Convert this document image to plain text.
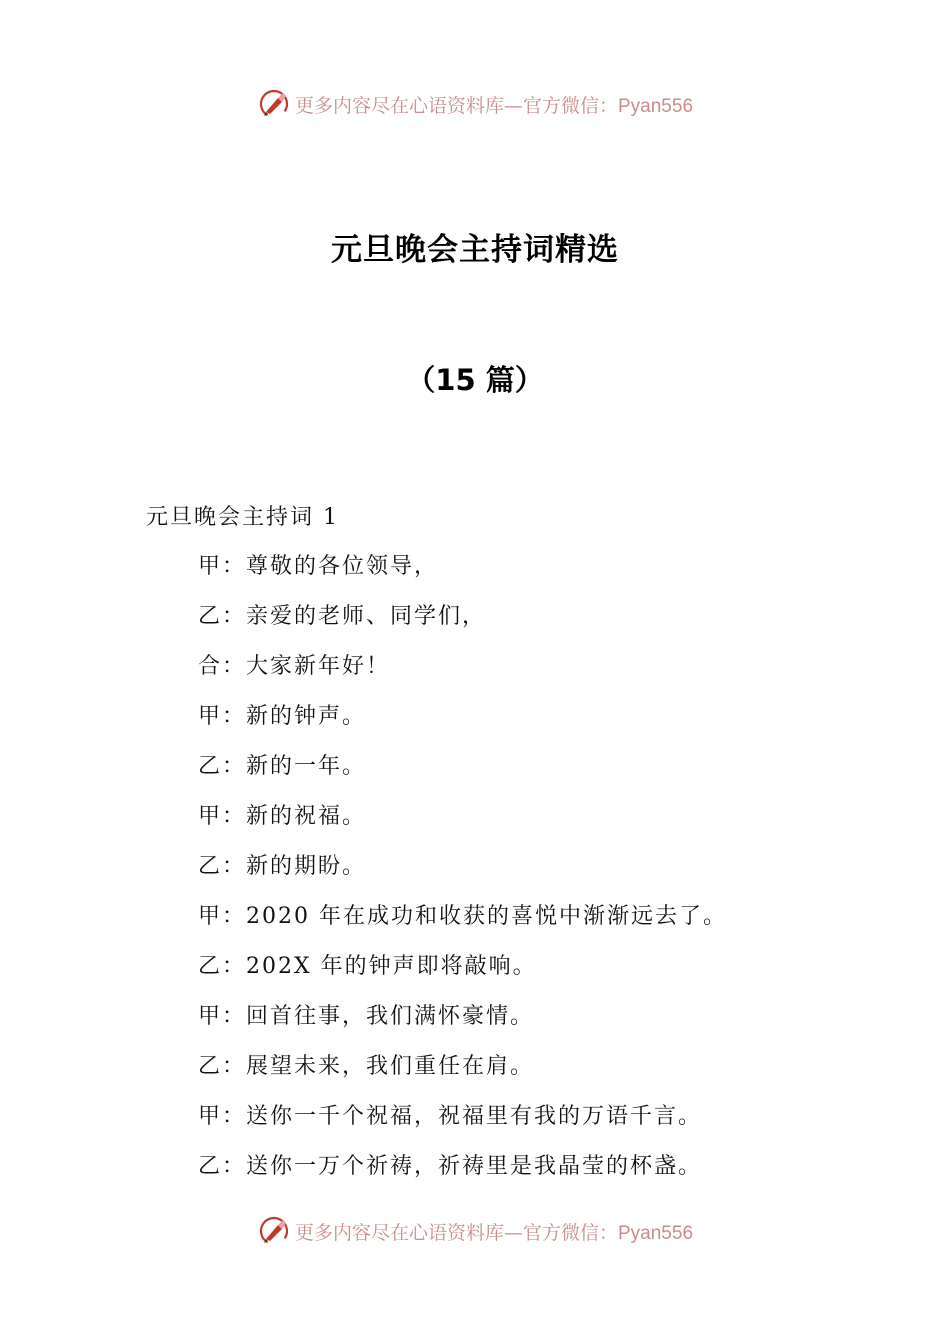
更多内容尽在心语资料库—官方微信：Pyan556
元旦晚会主持词精选
（15 篇）
元旦晚会主持词 1
甲：尊敬的各位领导，
乙：亲爱的老师、同学们，
合：大家新年好！
甲：新的钟声。
乙：新的一年。
甲：新的祝福。
乙：新的期盼。
甲：2020 年在成功和收获的喜悦中渐渐远去了。
乙：202X 年的钟声即将敲响。
甲：回首往事，我们满怀豪情。
乙：展望未来，我们重任在肩。
甲：送你一千个祝福，祝福里有我的万语千言。
乙：送你一万个祈祷，祈祷里是我晶莹的杯盏。
更多内容尽在心语资料库—官方微信：Pyan556
